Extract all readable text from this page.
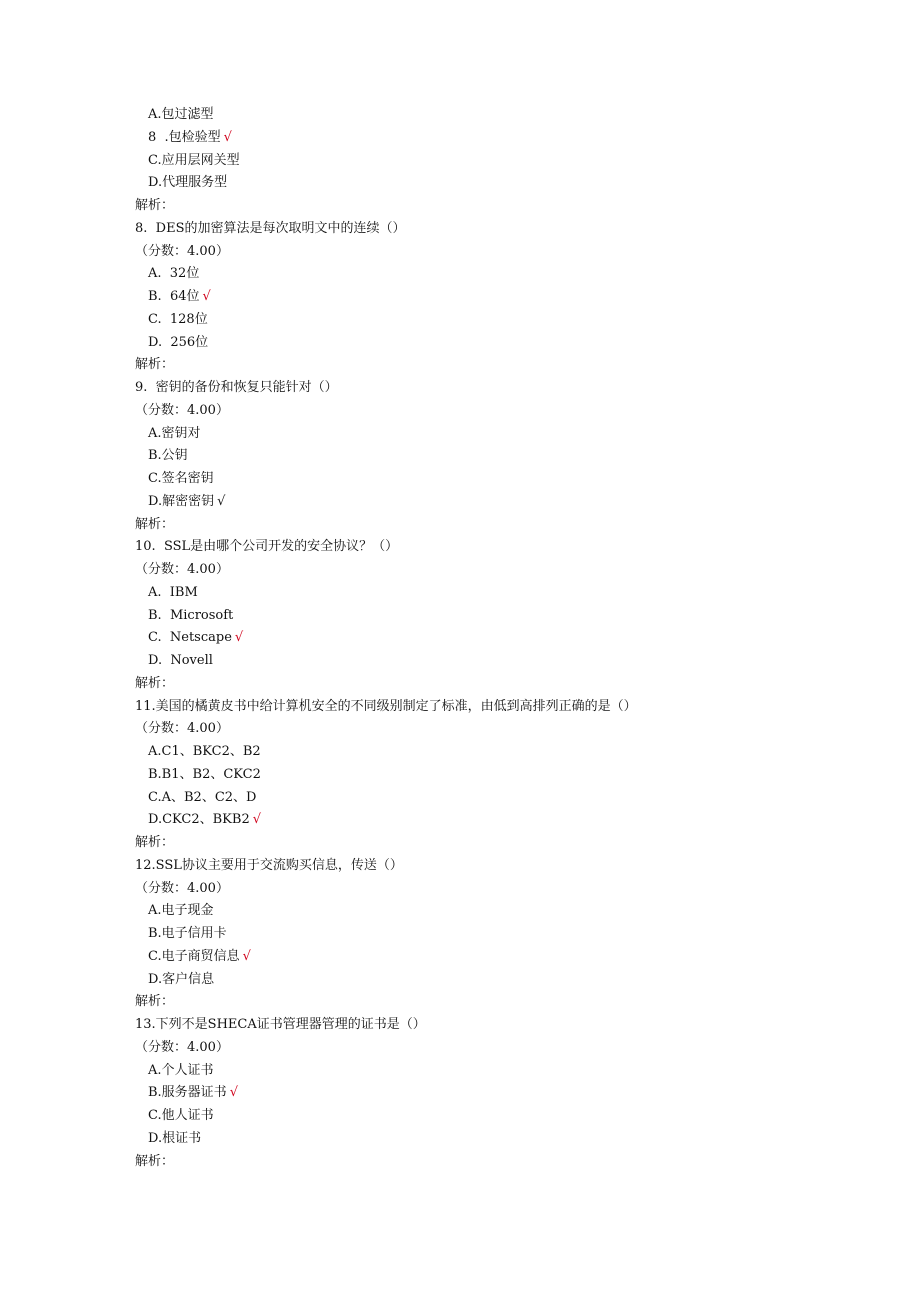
A.包过滤型
8  .包检验型 √
C.应用层网关型
D.代理服务型
解析：
8.  DES的加密算法是每次取明文中的连续（）
（分数：4.00）
A.  32位
B.  64位 √
C.  128位
D.  256位
解析：
9.  密钥的备份和恢复只能针对（）
（分数：4.00）
A.密钥对
B.公钥
C.签名密钥
D.解密密钥 √
解析：
10.  SSL是由哪个公司开发的安全协议？（）
（分数：4.00）
A.  IBM
B.  Microsoft
C.  Netscape √
D.  Novell
解析：
11.美国的橘黄皮书中给计算机安全的不同级别制定了标准，由低到高排列正确的是（）
（分数：4.00）
A.C1、BKC2、B2
B.B1、B2、CKC2
C.A、B2、C2、D
D.CKC2、BKB2 √
解析：
12.SSL协议主要用于交流购买信息，传送（）
（分数：4.00）
A.电子现金
B.电子信用卡
C.电子商贸信息 √
D.客户信息
解析：
13.下列不是SHECA证书管理器管理的证书是（）
（分数：4.00）
A.个人证书
B.服务器证书 √
C.他人证书
D.根证书
解析：
